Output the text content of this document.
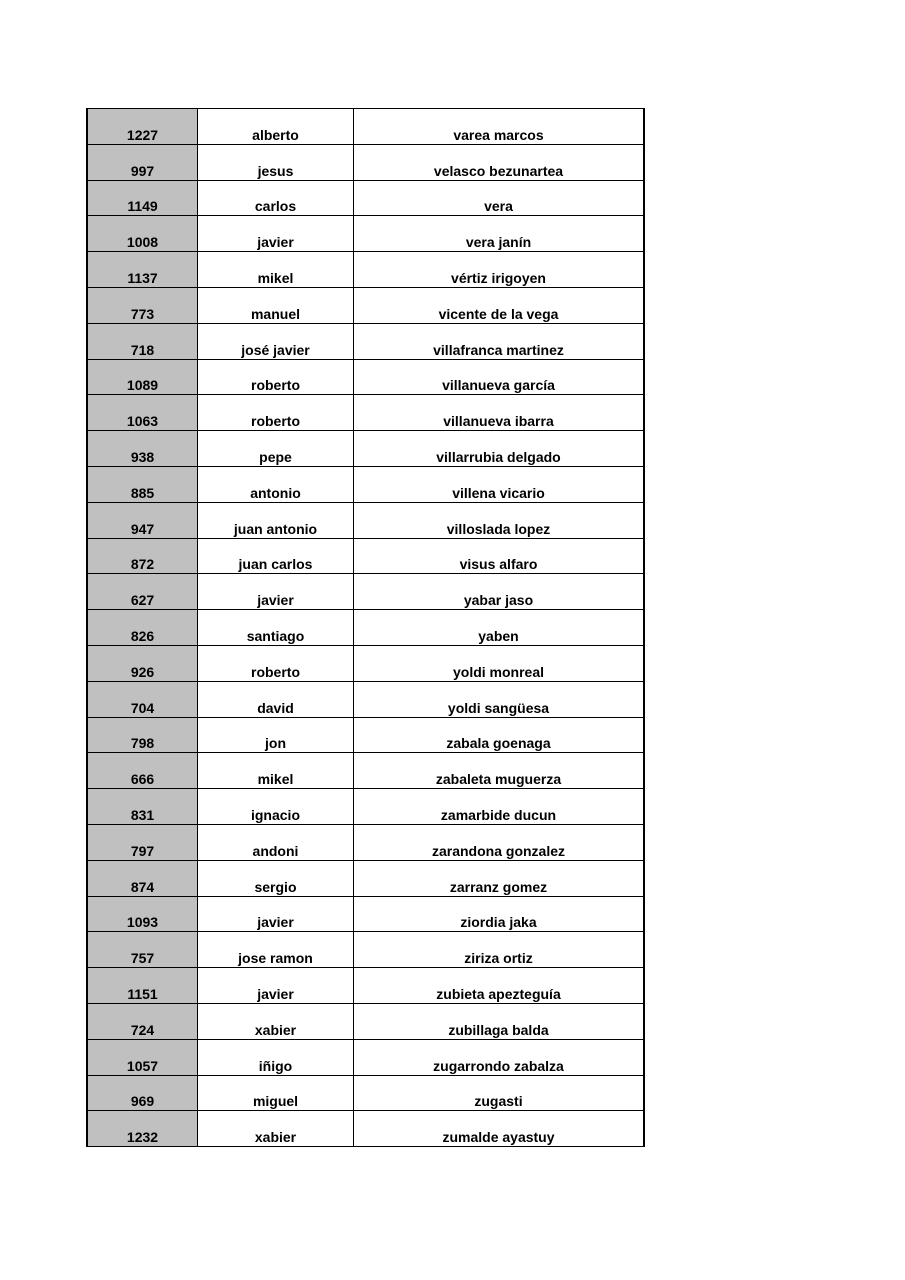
1227	alberto	varea marcos
997	jesus	velasco bezunartea
1149	carlos	vera
1008	javier	vera janín
1137	mikel	vértiz irigoyen
773	manuel	vicente de la vega
718	josé javier	villafranca martinez
1089	roberto	villanueva garcía
1063	roberto	villanueva ibarra
938	pepe	villarrubia delgado
885	antonio	villena vicario
947	juan antonio	villoslada lopez
872	juan carlos	visus alfaro
627	javier	yabar jaso
826	santiago	yaben
926	roberto	yoldi monreal
704	david	yoldi sangüesa
798	jon	zabala goenaga
666	mikel	zabaleta muguerza
831	ignacio	zamarbide ducun
797	andoni	zarandona gonzalez
874	sergio	zarranz gomez
1093	javier	ziordia jaka
757	jose ramon	ziriza ortiz
1151	javier	zubieta apezteguía
724	xabier	zubillaga balda
1057	iñigo	zugarrondo zabalza
969	miguel	zugasti
1232	xabier	zumalde ayastuy
